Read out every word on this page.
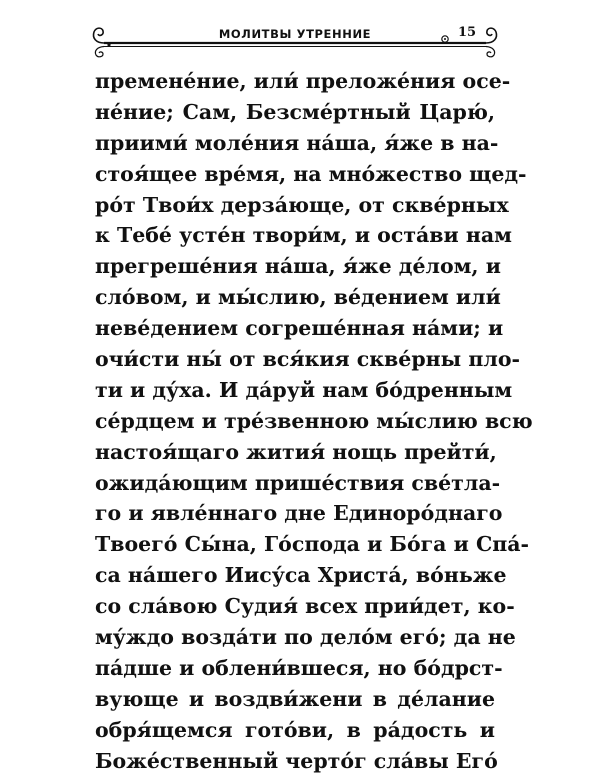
МОЛИТВЫ УТРЕННИЕ	15
премене́ние, или́ преложе́ния осе-
не́ние; Сам, Безсме́ртный Царю́,
приими́ моле́ния на́ша, я́же в на-
стоя́щее вре́мя, на мно́жество щед-
ро́т Твои́х дерза́юще, от скве́рных
к Тебе́ усте́н твори́м, и оста́ви нам
прегреше́ния на́ша, я́же де́лом, и
сло́вом, и мы́слию, ве́дением или́
неве́дением согреше́нная на́ми; и
очи́сти ны́ от вся́кия скве́рны пло-
ти и ду́ха. И да́руй нам бо́дренным
се́рдцем и тре́звенною мы́слию всю
настоя́щаго жития́ нощь прейти́,
ожида́ющим прише́ствия све́тла-
го и явле́ннаго дне Единоро́днаго
Твоего́ Сы́на, Го́спода и Бо́га и Спа́-
са на́шего Иису́са Христа́, во́ньже
со сла́вою Судия́ всех прии́дет, ко-
му́ждо возда́ти по дело́м его́; да не
па́дше и облени́вшеся, но бо́дрст-
вующе и воздви́жени в де́лание
обря́щемся гото́ви, в ра́дость и
Боже́ственный черто́г сла́вы Его́
